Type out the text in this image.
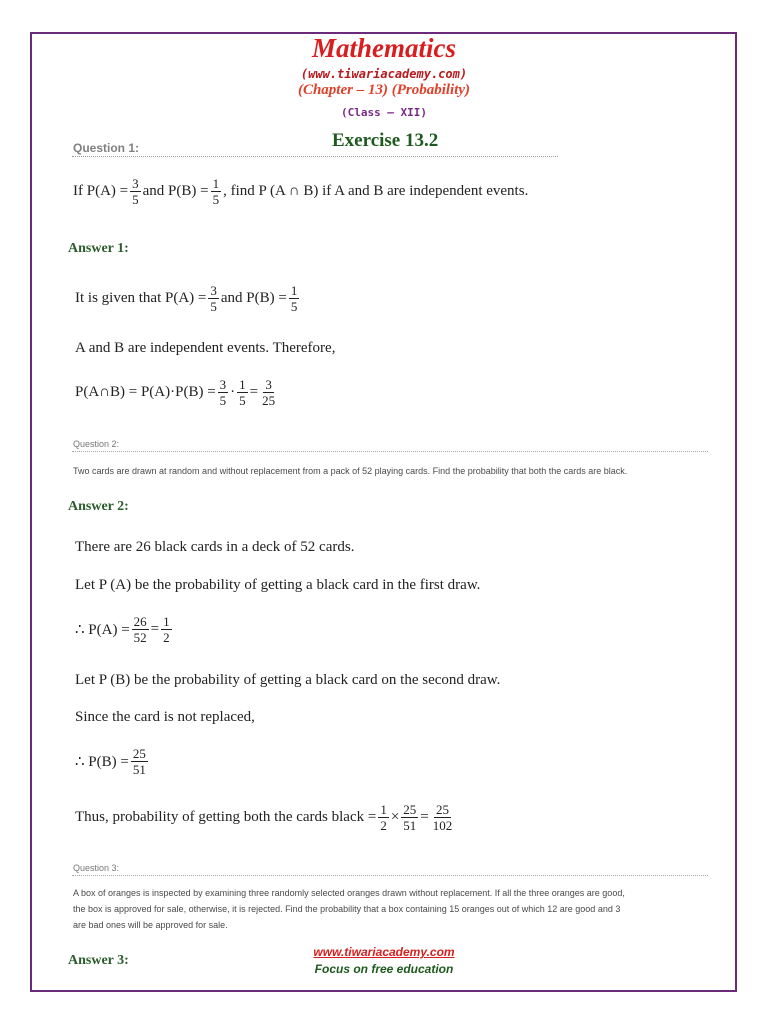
Mathematics
(www.tiwariacademy.com)
(Chapter – 13) (Probability)
(Class – XII)
Exercise 13.2
Question 1:
If $P(A) = \frac{3}{5}$ and $P(B) = \frac{1}{5}$ , find P (A ∩ B) if A and B are independent events.
Answer 1:
It is given that $P(A) = \frac{3}{5}$ and $P(B) = \frac{1}{5}$
A and B are independent events. Therefore,
P(A∩B) = $P(A)\cdot P(B) = \frac{3}{5} \cdot \frac{1}{5} = \frac{3}{25}$
Question 2:
Two cards are drawn at random and without replacement from a pack of 52 playing cards. Find the probability that both the cards are black.
Answer 2:
There are 26 black cards in a deck of 52 cards.
Let P (A) be the probability of getting a black card in the first draw.
∴ $P(A) = \frac{26}{52} = \frac{1}{2}$
Let P (B) be the probability of getting a black card on the second draw.
Since the card is not replaced,
∴ $P(B) = \frac{25}{51}$
Thus, probability of getting both the cards black = $\frac{1}{2} \times \frac{25}{51} = \frac{25}{102}$
Question 3:
A box of oranges is inspected by examining three randomly selected oranges drawn without replacement. If all the three oranges are good,
the box is approved for sale, otherwise, it is rejected. Find the probability that a box containing 15 oranges out of which 12 are good and 3
are bad ones will be approved for sale.
Answer 3:
www.tiwariacademy.com
Focus on free education
